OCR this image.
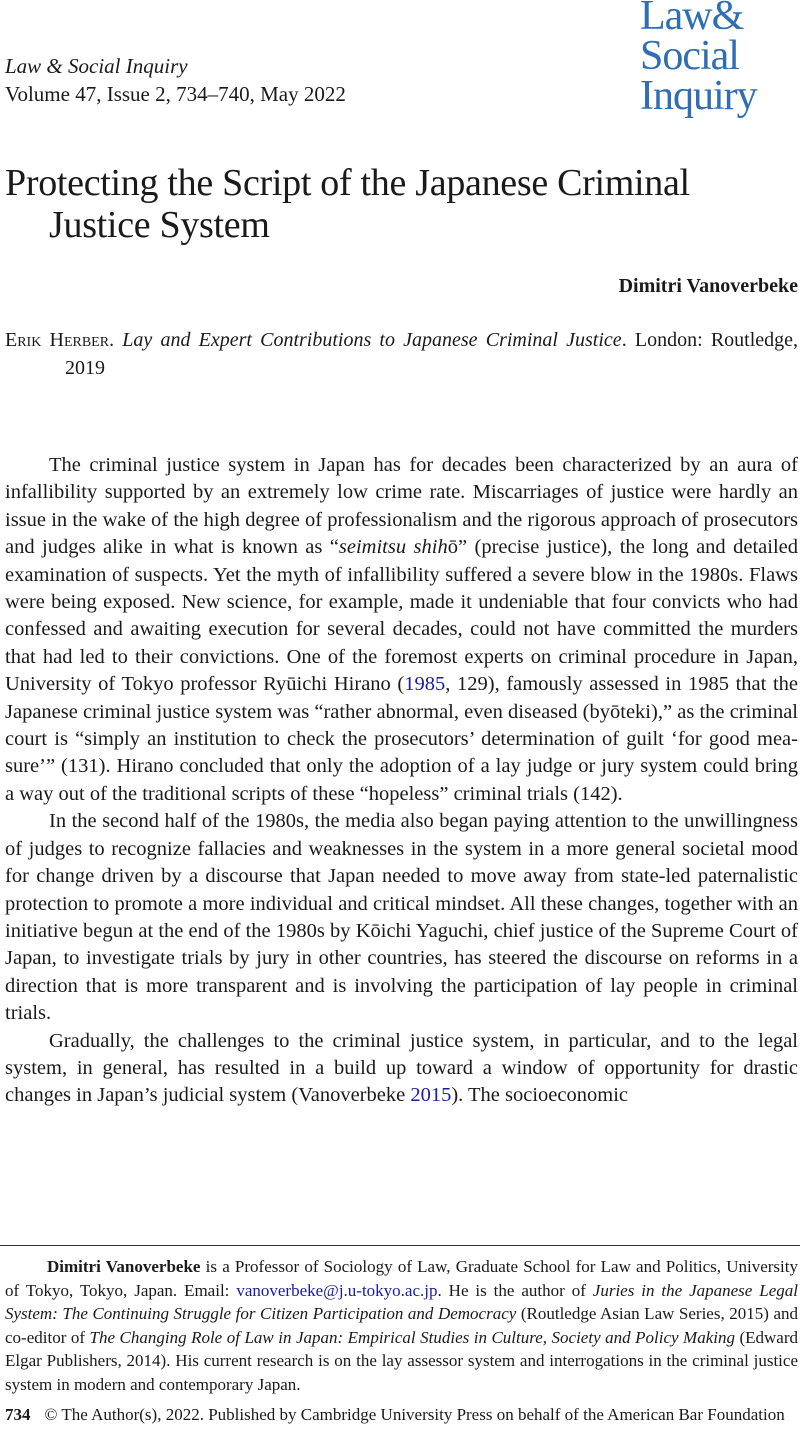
Law & Social Inquiry
Volume 47, Issue 2, 734–740, May 2022
Law&
Social
Inquiry
Protecting the Script of the Japanese Criminal Justice System
Dimitri Vanoverbeke
Erik Herber. Lay and Expert Contributions to Japanese Criminal Justice. London: Routledge, 2019

The criminal justice system in Japan has for decades been characterized by an aura of infallibility supported by an extremely low crime rate. Miscarriages of justice were hardly an issue in the wake of the high degree of professionalism and the rigorous approach of prosecutors and judges alike in what is known as “seimitsu shihō” (precise justice), the long and detailed examination of suspects. Yet the myth of infallibility suffered a severe blow in the 1980s. Flaws were being exposed. New science, for example, made it undeniable that four convicts who had confessed and awaiting execution for several decades, could not have committed the murders that had led to their convictions. One of the foremost experts on criminal procedure in Japan, University of Tokyo professor Ryūichi Hirano (1985, 129), famously assessed in 1985 that the Japanese criminal justice system was “rather abnormal, even diseased (byōteki),” as the criminal court is “simply an institution to check the prosecutors’ determination of guilt ‘for good measure’” (131). Hirano concluded that only the adoption of a lay judge or jury system could bring a way out of the traditional scripts of these “hopeless” criminal trials (142).

In the second half of the 1980s, the media also began paying attention to the unwillingness of judges to recognize fallacies and weaknesses in the system in a more general societal mood for change driven by a discourse that Japan needed to move away from state-led paternalistic protection to promote a more individual and critical mindset. All these changes, together with an initiative begun at the end of the 1980s by Kōichi Yaguchi, chief justice of the Supreme Court of Japan, to investigate trials by jury in other countries, has steered the discourse on reforms in a direction that is more transparent and is involving the participation of lay people in criminal trials.

Gradually, the challenges to the criminal justice system, in particular, and to the legal system, in general, has resulted in a build up toward a window of opportunity for drastic changes in Japan’s judicial system (Vanoverbeke 2015). The socioeconomic

Dimitri Vanoverbeke is a Professor of Sociology of Law, Graduate School for Law and Politics, University of Tokyo, Tokyo, Japan. Email: vanoverbeke@j.u-tokyo.ac.jp. He is the author of Juries in the Japanese Legal System: The Continuing Struggle for Citizen Participation and Democracy (Routledge Asian Law Series, 2015) and co-editor of The Changing Role of Law in Japan: Empirical Studies in Culture, Society and Policy Making (Edward Elgar Publishers, 2014). His current research is on the lay assessor system and interrogations in the criminal justice system in modern and contemporary Japan.

734 © The Author(s), 2022. Published by Cambridge University Press on behalf of the American Bar Foundation
